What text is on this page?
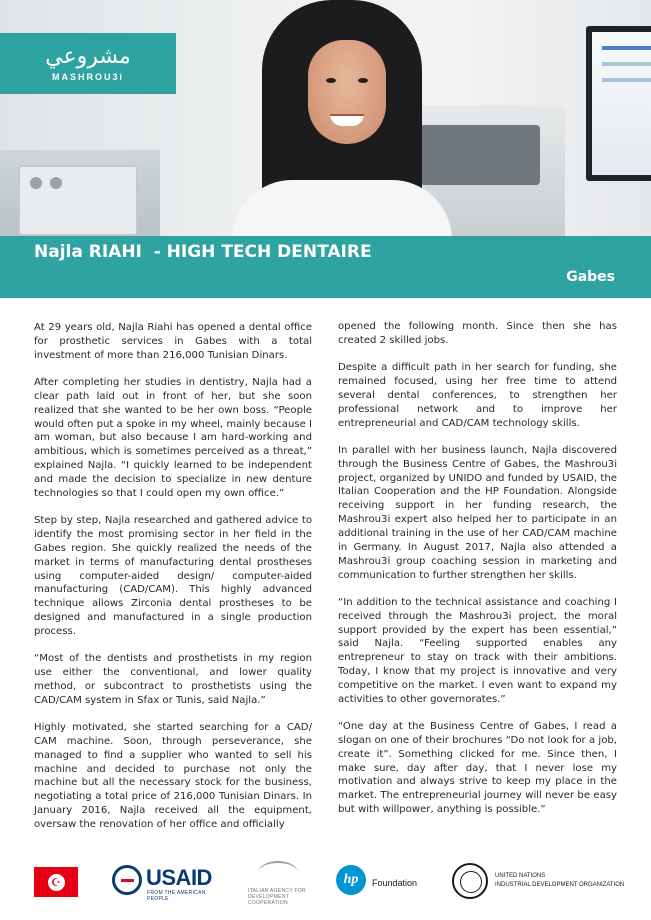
مشروعي
MASHROU3i
Najla RIAHI  - HIGH TECH DENTAIRE
Gabes

At 29 years old, Najla Riahi has opened a dental office for prosthetic services in Gabes with a total investment of more than 216,000 Tunisian Dinars.

After completing her studies in dentistry, Najla had a clear path laid out in front of her, but she soon realized that she wanted to be her own boss. “People would often put a spoke in my wheel, mainly because I am woman, but also because I am hard-working and ambitious, which is sometimes perceived as a threat,” explained Najla. “I quickly learned to be independent and made the decision to specialize in new denture technologies so that I could open my own office.”

Step by step, Najla researched and gathered advice to identify the most promising sector in her field in the Gabes region. She quickly realized the needs of the market in terms of manufacturing dental prostheses using computer-aided design/ computer-aided manufacturing (CAD/CAM). This highly advanced technique allows Zirconia dental prostheses to be designed and manufactured in a single production process.

“Most of the dentists and prosthetists in my region use either the conventional, and lower quality method, or subcontract to prosthetists using the CAD/CAM system in Sfax or Tunis, said Najla.”

Highly motivated, she started searching for a CAD/ CAM machine. Soon, through perseverance, she managed to find a supplier who wanted to sell his machine and decided to purchase not only the machine but all the necessary stock for the business, negotiating a total price of 216,000 Tunisian Dinars. In January 2016, Najla received all the equipment, oversaw the renovation of her office and officially

opened the following month. Since then she has created 2 skilled jobs.

Despite a difficult path in her search for funding, she remained focused, using her free time to attend several dental conferences, to strengthen her professional network and to improve her entrepreneurial and CAD/CAM technology skills.

In parallel with her business launch, Najla discovered through the Business Centre of Gabes, the Mashrou3i project, organized by UNIDO and funded by USAID, the Italian Cooperation and the HP Foundation. Alongside receiving support in her funding research, the Mashrou3i expert also helped her to participate in an additional training in the use of her CAD/CAM machine in Germany. In August 2017, Najla also attended a Mashrou3i group coaching session in marketing and communication to further strengthen her skills.

“In addition to the technical assistance and coaching I received through the Mashrou3i project, the moral support provided by the expert has been essential,” said Najla. “Feeling supported enables any entrepreneur to stay on track with their ambitions. Today, I know that my project is innovative and very competitive on the market. I even want to expand my activities to other governorates.”

“One day at the Business Centre of Gabes, I read a slogan on one of their brochures “Do not look for a job, create it”. Something clicked for me. Since then, I make sure, day after day, that I never lose my motivation and always strive to keep my place in the market. The entrepreneurial journey will never be easy but with willpower, anything is possible.”

☪	USAID
FROM THE AMERICAN PEOPLE
ITALIAN AGENCY FOR DEVELOPMENT COOPERATION
hp	Foundation
UNITED NATIONS
INDUSTRIAL DEVELOPMENT ORGANIZATION
